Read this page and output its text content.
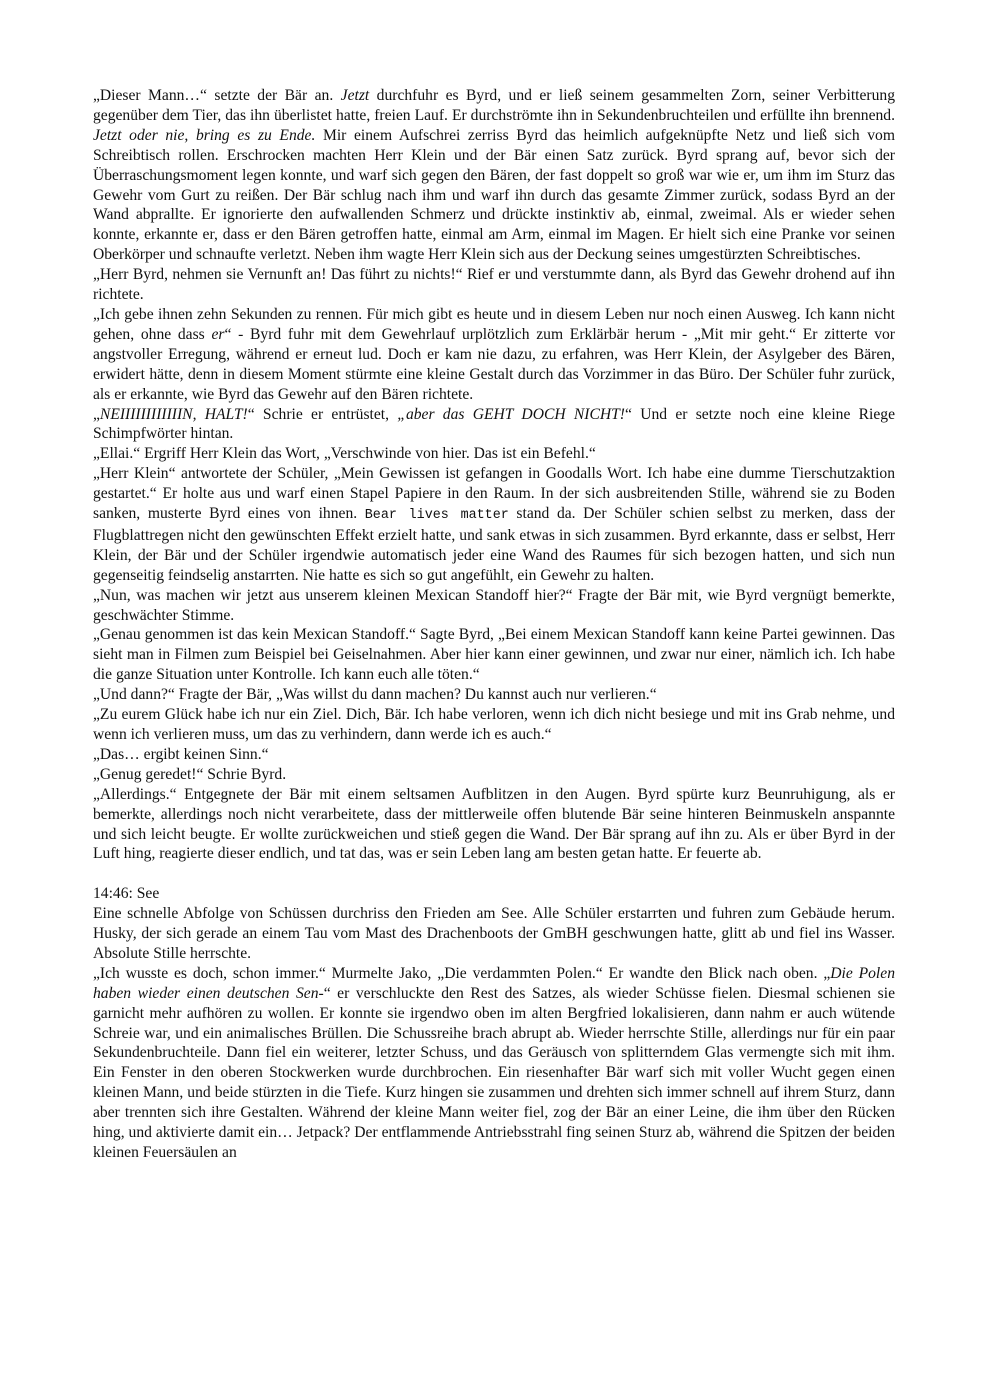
„Dieser Mann…“ setzte der Bär an. Jetzt durchfuhr es Byrd, und er ließ seinem gesammelten Zorn, seiner Verbitterung gegenüber dem Tier, das ihn überlistet hatte, freien Lauf. Er durchströmte ihn in Sekundenbruchteilen und erfüllte ihn brennend. Jetzt oder nie, bring es zu Ende. Mir einem Aufschrei zerriss Byrd das heimlich aufgeknüpfte Netz und ließ sich vom Schreibtisch rollen. Erschrocken machten Herr Klein und der Bär einen Satz zurück. Byrd sprang auf, bevor sich der Überraschungsmoment legen konnte, und warf sich gegen den Bären, der fast doppelt so groß war wie er, um ihm im Sturz das Gewehr vom Gurt zu reißen. Der Bär schlug nach ihm und warf ihn durch das gesamte Zimmer zurück, sodass Byrd an der Wand abprallte. Er ignorierte den aufwallenden Schmerz und drückte instinktiv ab, einmal, zweimal. Als er wieder sehen konnte, erkannte er, dass er den Bären getroffen hatte, einmal am Arm, einmal im Magen. Er hielt sich eine Pranke vor seinen Oberkörper und schnaufte verletzt. Neben ihm wagte Herr Klein sich aus der Deckung seines umgestürzten Schreibtisches.

„Herr Byrd, nehmen sie Vernunft an! Das führt zu nichts!“ Rief er und verstummte dann, als Byrd das Gewehr drohend auf ihn richtete.

„Ich gebe ihnen zehn Sekunden zu rennen. Für mich gibt es heute und in diesem Leben nur noch einen Ausweg. Ich kann nicht gehen, ohne dass er“ - Byrd fuhr mit dem Gewehrlauf urplötzlich zum Erklärbär herum - „Mit mir geht.“ Er zitterte vor angstvoller Erregung, während er erneut lud. Doch er kam nie dazu, zu erfahren, was Herr Klein, der Asylgeber des Bären, erwidert hätte, denn in diesem Moment stürmte eine kleine Gestalt durch das Vorzimmer in das Büro. Der Schüler fuhr zurück, als er erkannte, wie Byrd das Gewehr auf den Bären richtete.

„NEIIIIIIIIIIIIN, HALT!“ Schrie er entrüstet, „aber das GEHT DOCH NICHT!“ Und er setzte noch eine kleine Riege Schimpfwörter hintan.

„Ellai.“ Ergriff Herr Klein das Wort, „Verschwinde von hier. Das ist ein Befehl.“

„Herr Klein“ antwortete der Schüler, „Mein Gewissen ist gefangen in Goodalls Wort. Ich habe eine dumme Tierschutzaktion gestartet.“ Er holte aus und warf einen Stapel Papiere in den Raum. In der sich ausbreitenden Stille, während sie zu Boden sanken, musterte Byrd eines von ihnen. Bear lives matter stand da. Der Schüler schien selbst zu merken, dass der Flugblattregen nicht den gewünschten Effekt erzielt hatte, und sank etwas in sich zusammen. Byrd erkannte, dass er selbst, Herr Klein, der Bär und der Schüler irgendwie automatisch jeder eine Wand des Raumes für sich bezogen hatten, und sich nun gegenseitig feindselig anstarrten. Nie hatte es sich so gut angefühlt, ein Gewehr zu halten.

„Nun, was machen wir jetzt aus unserem kleinen Mexican Standoff hier?“ Fragte der Bär mit, wie Byrd vergnügt bemerkte, geschwächter Stimme.

„Genau genommen ist das kein Mexican Standoff.“ Sagte Byrd, „Bei einem Mexican Standoff kann keine Partei gewinnen. Das sieht man in Filmen zum Beispiel bei Geiselnahmen. Aber hier kann einer gewinnen, und zwar nur einer, nämlich ich. Ich habe die ganze Situation unter Kontrolle. Ich kann euch alle töten.“

„Und dann?“ Fragte der Bär, „Was willst du dann machen? Du kannst auch nur verlieren.“

„Zu eurem Glück habe ich nur ein Ziel. Dich, Bär. Ich habe verloren, wenn ich dich nicht besiege und mit ins Grab nehme, und wenn ich verlieren muss, um das zu verhindern, dann werde ich es auch.“

„Das… ergibt keinen Sinn.“

„Genug geredet!“ Schrie Byrd.

„Allerdings.“ Entgegnete der Bär mit einem seltsamen Aufblitzen in den Augen. Byrd spürte kurz Beunruhigung, als er bemerkte, allerdings noch nicht verarbeitete, dass der mittlerweile offen blutende Bär seine hinteren Beinmuskeln anspannte und sich leicht beugte. Er wollte zurückweichen und stieß gegen die Wand. Der Bär sprang auf ihn zu. Als er über Byrd in der Luft hing, reagierte dieser endlich, und tat das, was er sein Leben lang am besten getan hatte. Er feuerte ab.

14:46: See

Eine schnelle Abfolge von Schüssen durchriss den Frieden am See. Alle Schüler erstarrten und fuhren zum Gebäude herum. Husky, der sich gerade an einem Tau vom Mast des Drachenboots der GmBH geschwungen hatte, glitt ab und fiel ins Wasser. Absolute Stille herrschte.

„Ich wusste es doch, schon immer.“ Murmelte Jako, „Die verdammten Polen.“ Er wandte den Blick nach oben. „Die Polen haben wieder einen deutschen Sen-“ er verschluckte den Rest des Satzes, als wieder Schüsse fielen. Diesmal schienen sie garnicht mehr aufhören zu wollen. Er konnte sie irgendwo oben im alten Bergfried lokalisieren, dann nahm er auch wütende Schreie war, und ein animalisches Brüllen. Die Schussreihe brach abrupt ab. Wieder herrschte Stille, allerdings nur für ein paar Sekundenbruchteile. Dann fiel ein weiterer, letzter Schuss, und das Geräusch von splitterndem Glas vermengte sich mit ihm. Ein Fenster in den oberen Stockwerken wurde durchbrochen. Ein riesenhafter Bär warf sich mit voller Wucht gegen einen kleinen Mann, und beide stürzten in die Tiefe. Kurz hingen sie zusammen und drehten sich immer schnell auf ihrem Sturz, dann aber trennten sich ihre Gestalten. Während der kleine Mann weiter fiel, zog der Bär an einer Leine, die ihm über den Rücken hing, und aktivierte damit ein… Jetpack? Der entflammende Antriebsstrahl fing seinen Sturz ab, während die Spitzen der beiden kleinen Feuersäulen an
